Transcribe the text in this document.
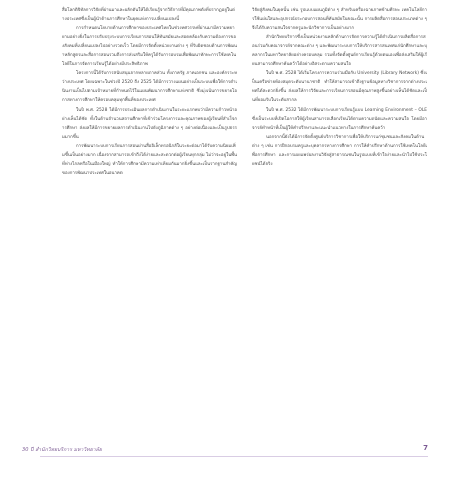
สื่อโลกดิจิทัลการวิจัยที่ผ่านมาและผลักดันให้ได้เรียนรู้จากวิธีการที่มีคุณภาพดังที่ปรากฏอยู่ในต่างประเทศซึ่งเป็นผู้นำด้านการศึกษาในยุคแห่งการเปลี่ยนแปลงนี้

การกำหนดนโยบายด้านการศึกษาของประเทศไทยในช่วงทศวรรษที่ผ่านมามีความพยายามอย่างยิ่งในการปรับปรุงระบบการเรียนการสอนให้ทันสมัยและสอดคล้องกับความต้องการของสังคมที่เปลี่ยนแปลงไปอย่างรวดเร็ว โดยมีการจัดตั้งหน่วยงานต่าง ๆ ที่รับผิดชอบด้านการพัฒนาหลักสูตรและสื่อการสอนรวมถึงการส่งเสริมให้ครูได้รับการอบรมเพื่อพัฒนาทักษะการใช้เทคโนโลยีในการจัดการเรียนรู้ได้อย่างมีประสิทธิภาพ

โครงการนี้ได้รับการสนับสนุนจากหลายภาคส่วน ทั้งภาครัฐ ภาคเอกชน และองค์กรระหว่างประเทศ โดยเฉพาะในช่วงปี 2520 ถึง 2525 ได้มีการวางแผนอย่างเป็นระบบเพื่อให้การดำเนินงานเป็นไปตามเป้าหมายที่กำหนดไว้ในแผนพัฒนาการศึกษาแห่งชาติ ซึ่งมุ่งเน้นการขยายโอกาสทางการศึกษาให้ครอบคลุมทุกพื้นที่ของประเทศ

ในปี พ.ศ. 2528 ได้มีการประเมินผลการดำเนินงานในระยะแรกพบว่ามีความก้าวหน้าอย่างเห็นได้ชัด ทั้งในด้านจำนวนสถานศึกษาที่เข้าร่วมโครงการและคุณภาพของผู้เรียนที่สำเร็จการศึกษา ส่งผลให้มีการขยายผลการดำเนินงานไปยังภูมิภาคต่าง ๆ อย่างต่อเนื่องและเป็นรูปธรรมมากขึ้น

การพัฒนาระบบการเรียนการสอนผ่านสื่ออิเล็กทรอนิกส์ในระยะต่อมาได้รับความนิยมเพิ่มขึ้นเป็นอย่างมาก เนื่องจากสามารถเข้าถึงได้ง่ายและสะดวกต่อผู้เรียนทุกกลุ่ม ไม่ว่าจะอยู่ในพื้นที่ห่างไกลหรือในเมืองใหญ่ ทำให้การศึกษามีความเท่าเทียมกันมากยิ่งขึ้นและเป็นรากฐานสำคัญของการพัฒนาประเทศในอนาคต

วิจัยสู่สังคมในยุคนั้น เช่น รูปแบบแผนภูมิต่าง ๆ สำหรับเครื่องฉายภาพข้ามศีรษะ เทคโนโลยีการใช้แผ่นใสและอุปกรณ์ประกอบการสอนที่ทันสมัยในขณะนั้น การผลิตสื่อการสอนประเภทต่าง ๆ จึงได้รับความสนใจจากครูและนักวิชาการเป็นอย่างมาก

สำนักวิทยบริการซึ่งเป็นหน่วยงานหลักด้านการจัดการความรู้ได้ดำเนินการผลิตสื่อการสอนร่วมกับคณาจารย์จากคณะต่าง ๆ และพัฒนาระบบการให้บริการสารสนเทศแก่นักศึกษาและบุคลากรในมหาวิทยาลัยอย่างครอบคลุม รวมทั้งจัดตั้งศูนย์การเรียนรู้ด้วยตนเองเพื่อส่งเสริมให้ผู้เรียนสามารถศึกษาค้นคว้าได้อย่างอิสระตามความสนใจ

ในปี พ.ศ. 2528 ได้เริ่มโครงการความร่วมมือกับ University (Library Network) ซึ่งเป็นเครือข่ายห้องสมุดระดับนานาชาติ ทำให้สามารถเข้าถึงฐานข้อมูลทางวิชาการจากต่างประเทศได้สะดวกยิ่งขึ้น ส่งผลให้การวิจัยและการเรียนการสอนมีคุณภาพสูงขึ้นอย่างเห็นได้ชัดและเป็นที่ยอมรับในระดับสากล

ในปี พ.ศ. 2532 ได้มีการพัฒนาระบบการเรียนรู้แบบ Learning Environment – OLE ซึ่งเป็นระบบที่เปิดโอกาสให้ผู้เรียนสามารถเลือกเรียนได้ตามความถนัดและความสนใจ โดยมีอาจารย์ทำหน้าที่เป็นผู้ให้คำปรึกษาและแนะนำแนวทางในการศึกษาค้นคว้า

นอกจากนี้ยังได้มีการจัดตั้งศูนย์บริการวิชาการเพื่อให้บริการแก่ชุมชนและสังคมในด้านต่าง ๆ เช่น การฝึกอบรมครูและบุคลากรทางการศึกษา การให้คำปรึกษาด้านการใช้เทคโนโลยีเพื่อการศึกษา และการเผยแพร่ผลงานวิจัยสู่สาธารณชนในรูปแบบที่เข้าใจง่ายและนำไปใช้ประโยชน์ได้จริง

30 ปี สำนักวิทยบริการ มหาวิทยาลัย	7
